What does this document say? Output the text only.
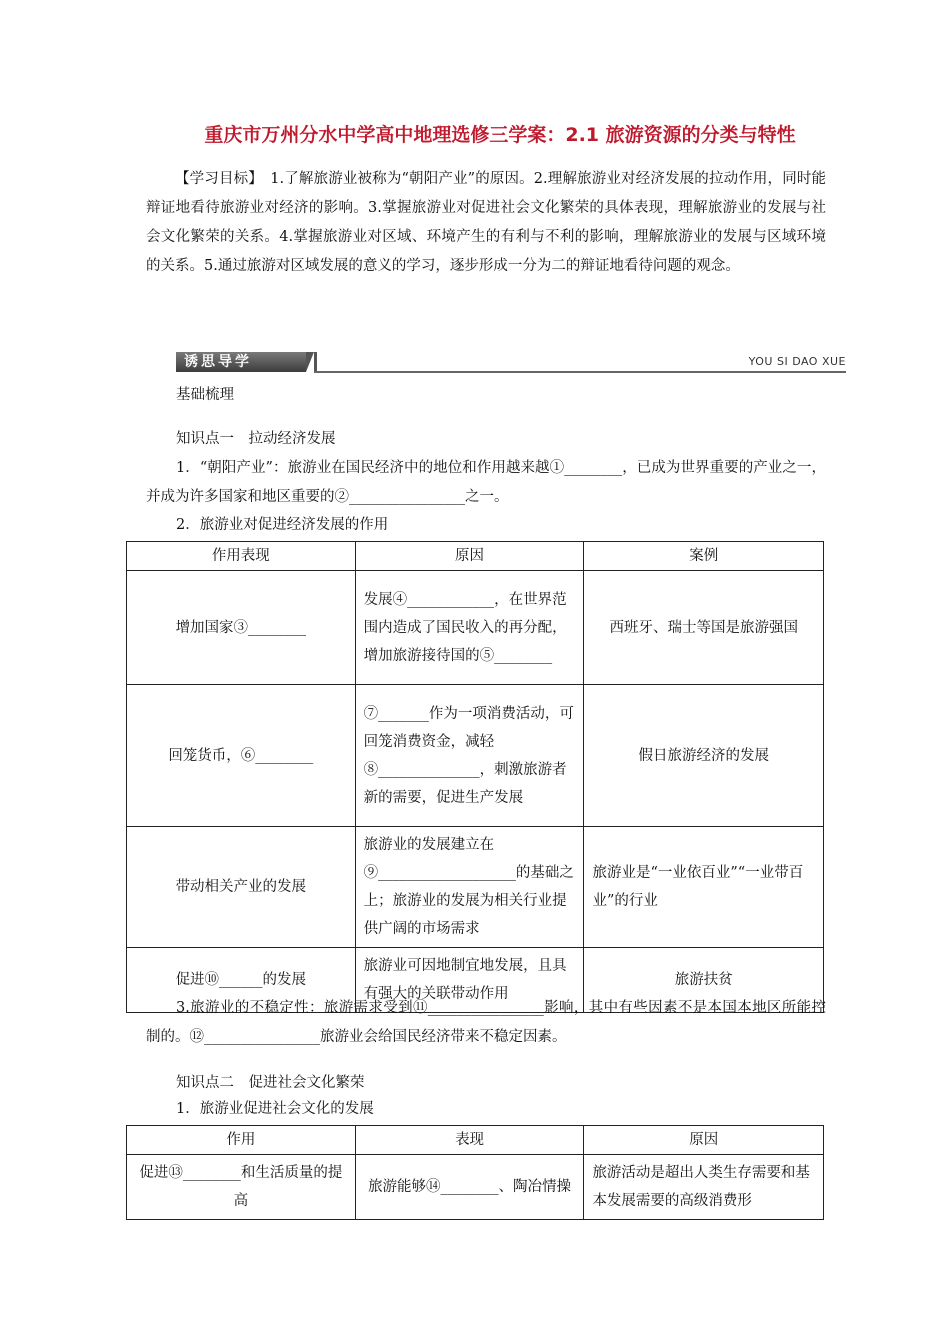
重庆市万州分水中学高中地理选修三学案：2.1 旅游资源的分类与特性
【学习目标】　1.了解旅游业被称为“朝阳产业”的原因。2.理解旅游业对经济发展的拉动作用，同时能辩证地看待旅游业对经济的影响。3.掌握旅游业对促进社会文化繁荣的具体表现，理解旅游业的发展与社会文化繁荣的关系。4.掌握旅游业对区域、环境产生的有利与不利的影响，理解旅游业的发展与区域环境的关系。5.通过旅游对区域发展的意义的学习，逐步形成一分为二的辩证地看待问题的观念。
诱思导学	YOU SI DAO XUE
基础梳理
知识点一　拉动经济发展
1．“朝阳产业”：旅游业在国民经济中的地位和作用越来越①________，已成为世界重要的产业之一，并成为许多国家和地区重要的②________________之一。
2．旅游业对促进经济发展的作用
作用表现	原因	案例
增加国家③________	发展④____________，在世界范围内造成了国民收入的再分配，增加旅游接待国的⑤________	西班牙、瑞士等国是旅游强国
回笼货币，⑥________	⑦_______作为一项消费活动，可回笼消费资金，减轻⑧______________，刺激旅游者新的需要，促进生产发展	假日旅游经济的发展
带动相关产业的发展	旅游业的发展建立在⑨___________________的基础之上；旅游业的发展为相关行业提供广阔的市场需求	旅游业是“一业依百业”“一业带百业”的行业
促进⑩______的发展	旅游业可因地制宜地发展，且具有强大的关联带动作用	旅游扶贫
3.旅游业的不稳定性：旅游需求受到⑪________________影响，其中有些因素不是本国本地区所能控制的。⑫________________旅游业会给国民经济带来不稳定因素。
知识点二　促进社会文化繁荣
1．旅游业促进社会文化的发展
作用	表现	原因
促进⑬________和生活质量的提高	旅游能够⑭________、陶冶情操	旅游活动是超出人类生存需要和基本发展需要的高级消费形
